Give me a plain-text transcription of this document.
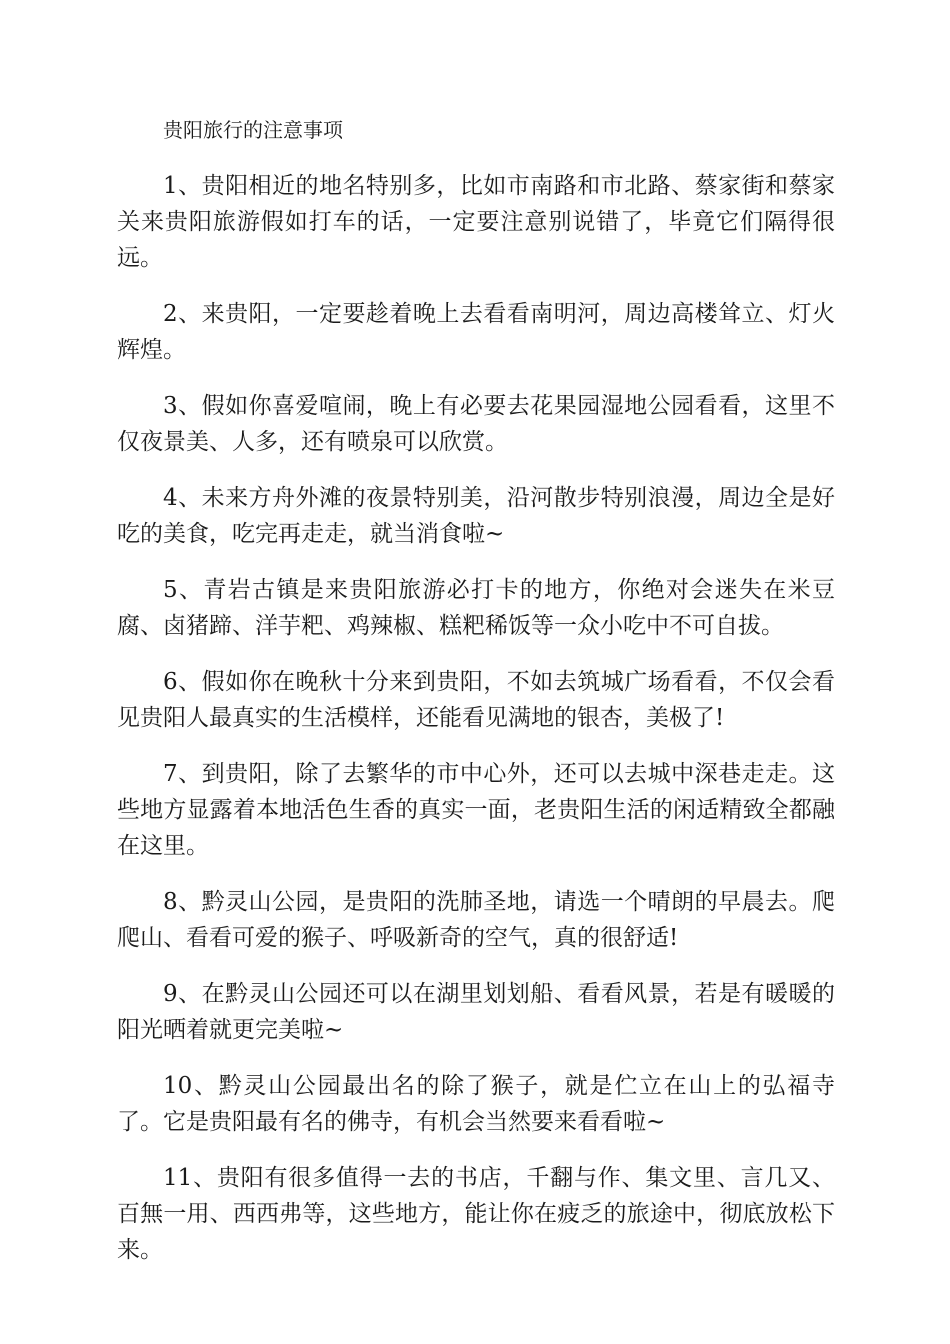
贵阳旅行的注意事项

1、贵阳相近的地名特别多，比如市南路和市北路、蔡家街和蔡家关来贵阳旅游假如打车的话，一定要注意别说错了，毕竟它们隔得很远。

2、来贵阳，一定要趁着晚上去看看南明河，周边高楼耸立、灯火辉煌。

3、假如你喜爱喧闹，晚上有必要去花果园湿地公园看看，这里不仅夜景美、人多，还有喷泉可以欣赏。

4、未来方舟外滩的夜景特别美，沿河散步特别浪漫，周边全是好吃的美食，吃完再走走，就当消食啦~

5、青岩古镇是来贵阳旅游必打卡的地方，你绝对会迷失在米豆腐、卤猪蹄、洋芋粑、鸡辣椒、糕粑稀饭等一众小吃中不可自拔。

6、假如你在晚秋十分来到贵阳，不如去筑城广场看看，不仅会看见贵阳人最真实的生活模样，还能看见满地的银杏，美极了!

7、到贵阳，除了去繁华的市中心外，还可以去城中深巷走走。这些地方显露着本地活色生香的真实一面，老贵阳生活的闲适精致全都融在这里。

8、黔灵山公园，是贵阳的洗肺圣地，请选一个晴朗的早晨去。爬爬山、看看可爱的猴子、呼吸新奇的空气，真的很舒适!

9、在黔灵山公园还可以在湖里划划船、看看风景，若是有暖暖的阳光晒着就更完美啦~

10、黔灵山公园最出名的除了猴子，就是伫立在山上的弘福寺了。它是贵阳最有名的佛寺，有机会当然要来看看啦~

11、贵阳有很多值得一去的书店，千翻与作、集文里、言几又、百無一用、西西弗等，这些地方，能让你在疲乏的旅途中，彻底放松下来。
